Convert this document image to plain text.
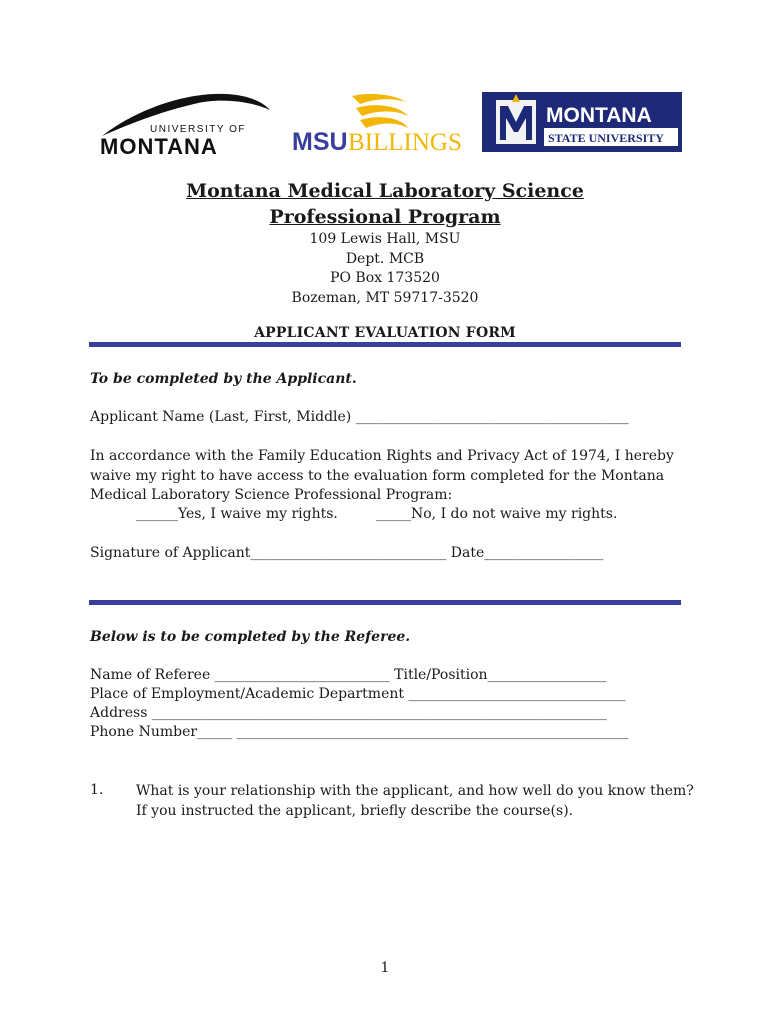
UNIVERSITY OF
MONTANA	MSU BILLINGS
MONTANA
STATE UNIVERSITY
Montana Medical Laboratory Science
Professional Program
109 Lewis Hall, MSU
Dept. MCB
PO Box 173520
Bozeman, MT 59717-3520
APPLICANT EVALUATION FORM
To be completed by the Applicant.
Applicant Name (Last, First, Middle) _______________________________________
In accordance with the Family Education Rights and Privacy Act of 1974, I hereby waive my right to have access to the evaluation form completed for the Montana Medical Laboratory Science Professional Program:
______Yes, I waive my rights.	_____No, I do not waive my rights.
Signature of Applicant____________________________ Date_________________
Below is to be completed by the Referee.
Name of Referee _________________________ Title/Position_________________
Place of Employment/Academic Department _______________________________
Address _________________________________________________________________
Phone Number_____ ________________________________________________________
1. What is your relationship with the applicant, and how well do you know them?
If you instructed the applicant, briefly describe the course(s).
1
